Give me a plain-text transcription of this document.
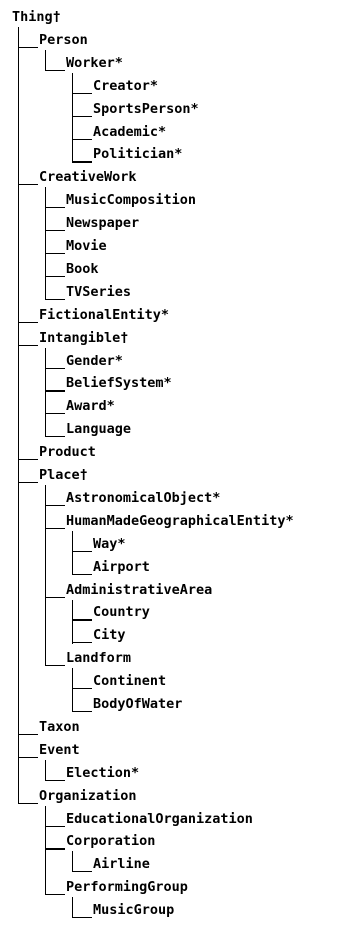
Thing†
Person
Worker*
Creator*
SportsPerson*
Academic*
Politician*
CreativeWork
MusicComposition
Newspaper
Movie
Book
TVSeries
FictionalEntity*
Intangible†
Gender*
BeliefSystem*
Award*
Language
Product
Place†
AstronomicalObject*
HumanMadeGeographicalEntity*
Way*
Airport
AdministrativeArea
Country
City
Landform
Continent
BodyOfWater
Taxon
Event
Election*
Organization
EducationalOrganization
Corporation
Airline
PerformingGroup
MusicGroup
